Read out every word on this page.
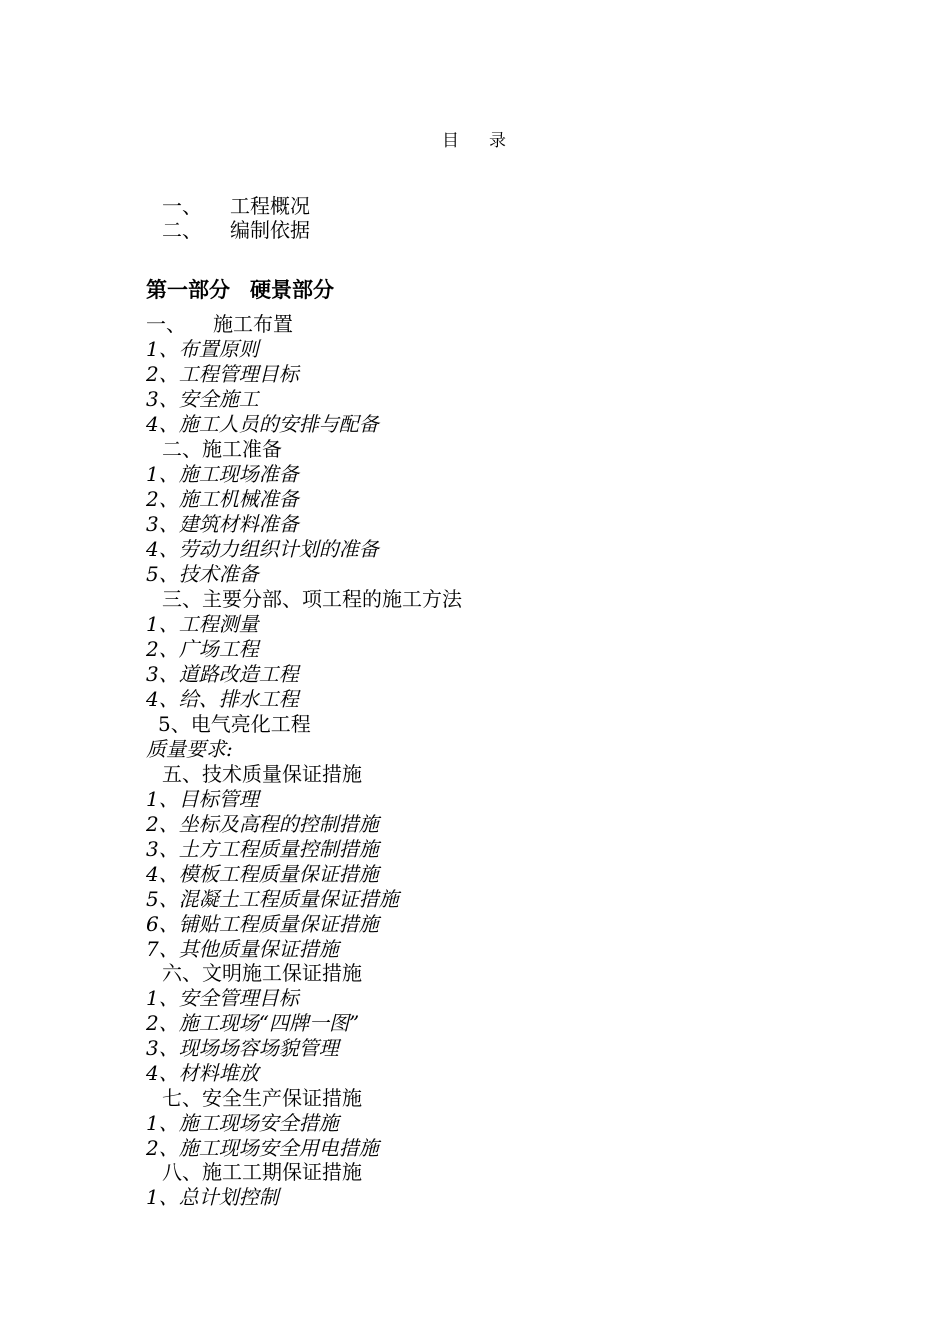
目 录
一、 工程概况
二、 编制依据
第一部分 硬景部分
一、 施工布置
1、布置原则
2、工程管理目标
3、安全施工
4、施工人员的安排与配备
二、施工准备
1、施工现场准备
2、施工机械准备
3、建筑材料准备
4、劳动力组织计划的准备
5、技术准备
三、主要分部、项工程的施工方法
1、工程测量
2、广场工程
3、道路改造工程
4、给、排水工程
5、电气亮化工程
质量要求:
五、技术质量保证措施
1、目标管理
2、坐标及高程的控制措施
3、土方工程质量控制措施
4、模板工程质量保证措施
5、混凝土工程质量保证措施
6、铺贴工程质量保证措施
7、其他质量保证措施
六、文明施工保证措施
1、安全管理目标
2、施工现场“四牌一图”
3、现场场容场貌管理
4、材料堆放
七、安全生产保证措施
1、施工现场安全措施
2、施工现场安全用电措施
八、施工工期保证措施
1、总计划控制
